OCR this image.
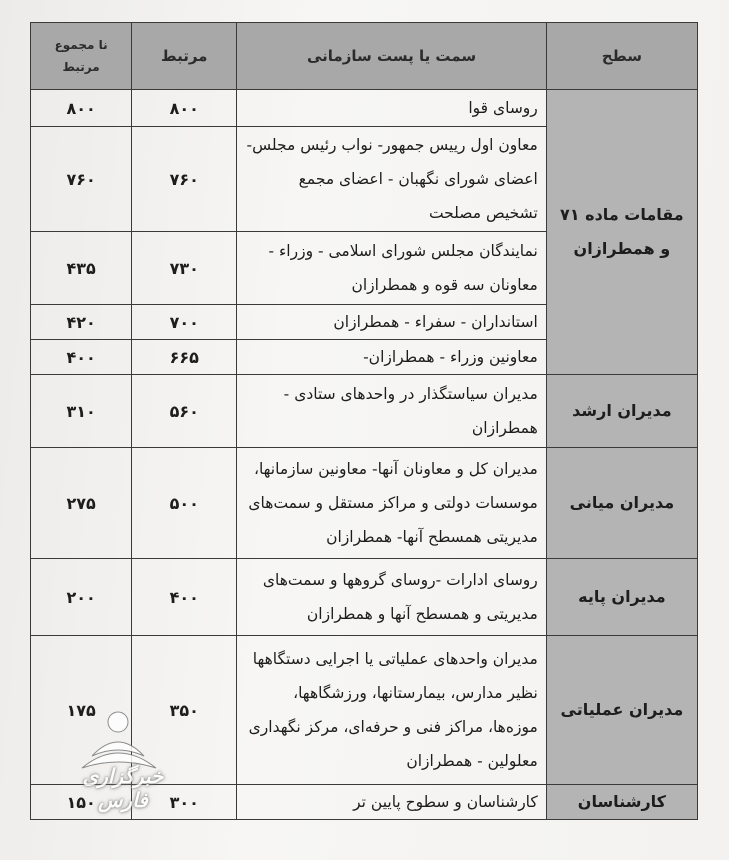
سطح	سمت یا پست سازمانی	مرتبط	نا مجموع مرتبط
مقامات ماده ۷۱ و همطرازان	روسای قوا	۸۰۰	۸۰۰
	معاون اول رییس جمهور- نواب رئیس مجلس- اعضای شورای نگهبان - اعضای مجمع تشخیص مصلحت	۷۶۰	۷۶۰
	نمایندگان مجلس شورای اسلامی - وزراء - معاونان سه قوه و همطرازان	۷۳۰	۴۳۵
	استانداران - سفراء - همطرازان	۷۰۰	۴۲۰
	معاونین وزراء - همطرازان-	۶۶۵	۴۰۰
مدیران ارشد	مدیران سیاستگذار در واحدهای ستادی - همطرازان	۵۶۰	۳۱۰
مدیران میانی	مدیران کل و معاونان آنها- معاونین سازمانها، موسسات دولتی و مراکز مستقل و سمت‌های مدیریتی همسطح آنها- همطرازان	۵۰۰	۲۷۵
مدیران پایه	روسای ادارات -روسای گروهها و سمت‌های مدیریتی و همسطح آنها و همطرازان	۴۰۰	۲۰۰
مدیران عملیاتی	مدیران واحدهای عملیاتی یا اجرایی دستگاهها نظیر مدارس، بیمارستانها، ورزشگاهها، موزه‌ها، مراکز فنی و حرفه‌ای، مرکز نگهداری معلولین - همطرازان	۳۵۰	۱۷۵
کارشناسان	کارشناسان و سطوح پایین تر	۳۰۰	۱۵۰
خبرگزاری فارس
